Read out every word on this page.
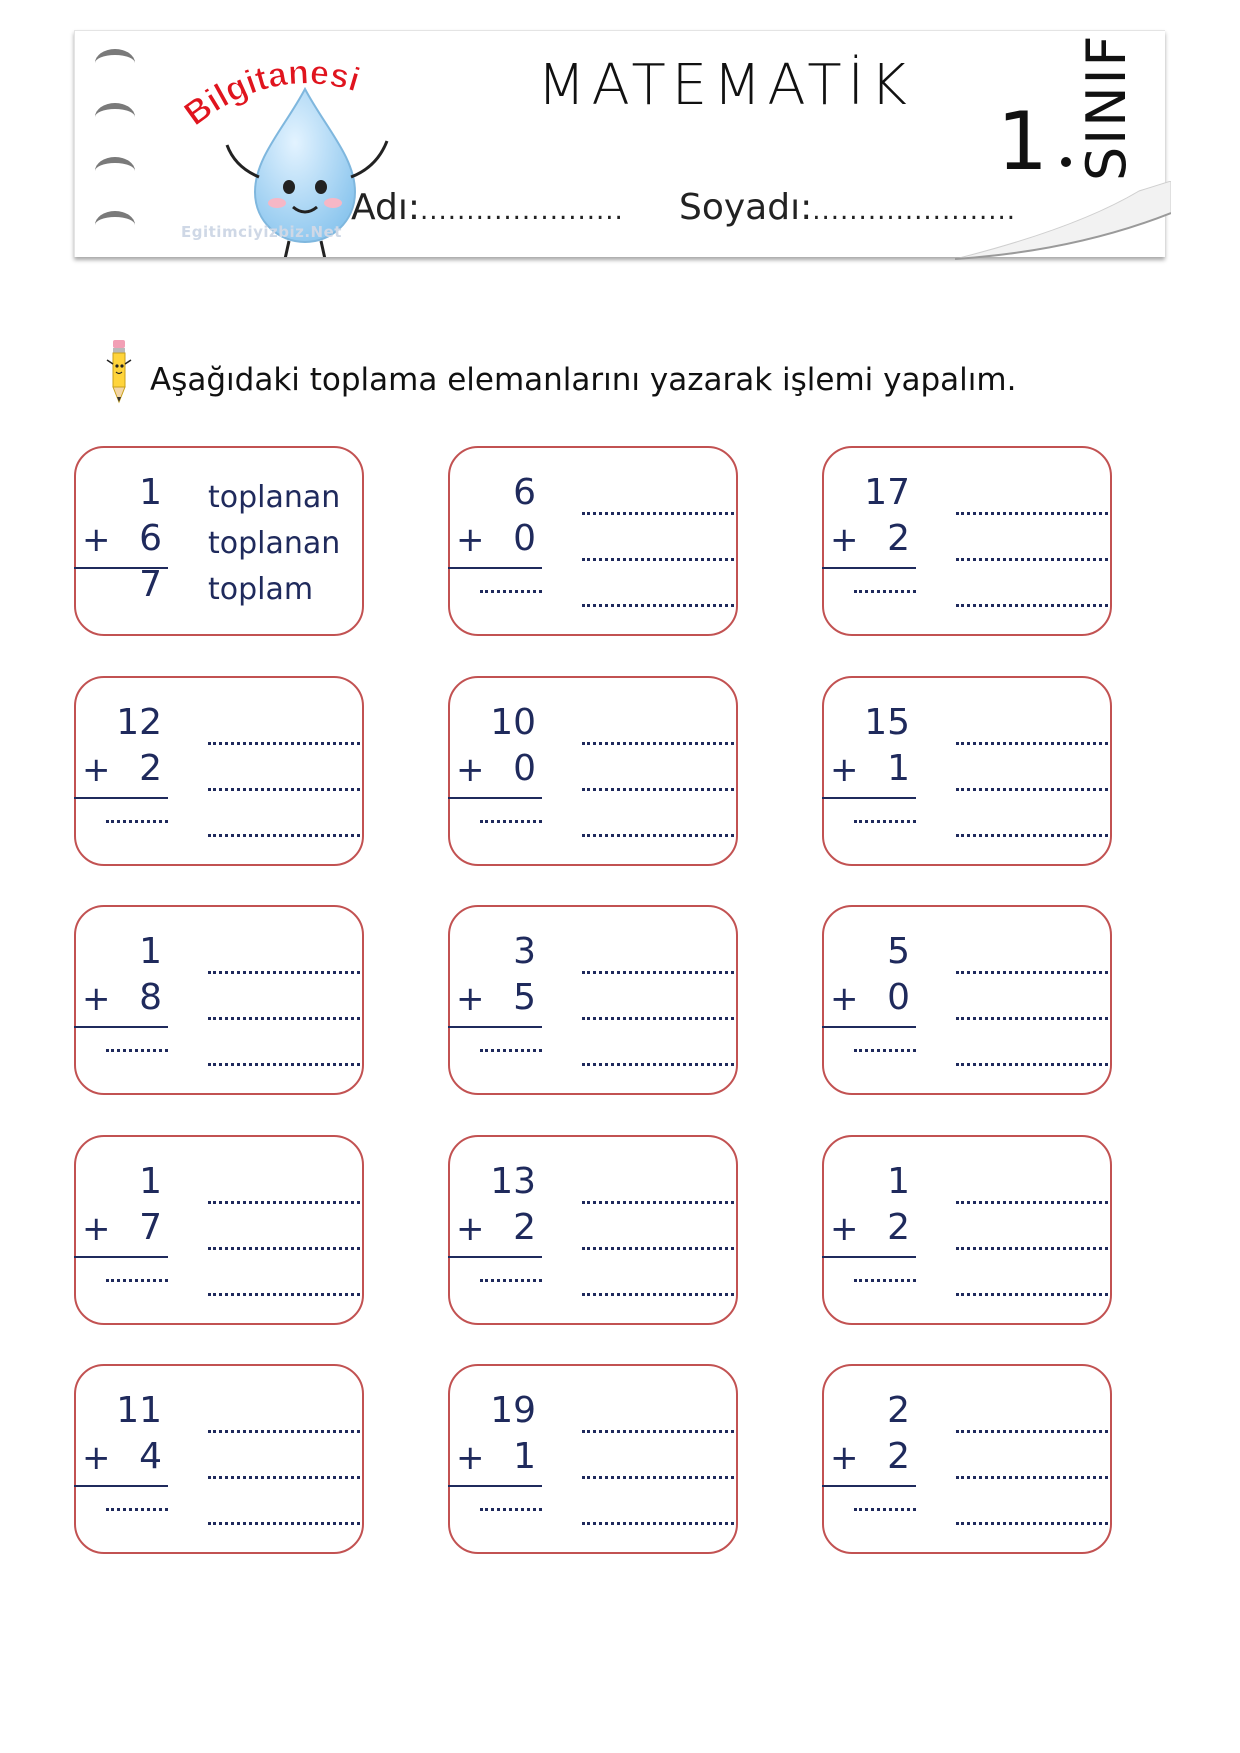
Bilgitanesi
Egitimciyizbiz.Net
MATEMATİK
Adı:...................... Soyadı:......................
1 SINIF
Aşağıdaki toplama elemanlarını yazarak işlemi yapalım.
1
+ 6
7
toplanan
toplanan
toplam
6
+ 0
17
+ 2
12
+ 2
10
+ 0
15
+ 1
1
+ 8
3
+ 5
5
+ 0
1
+ 7
13
+ 2
1
+ 2
11
+ 4
19
+ 1
2
+ 2
